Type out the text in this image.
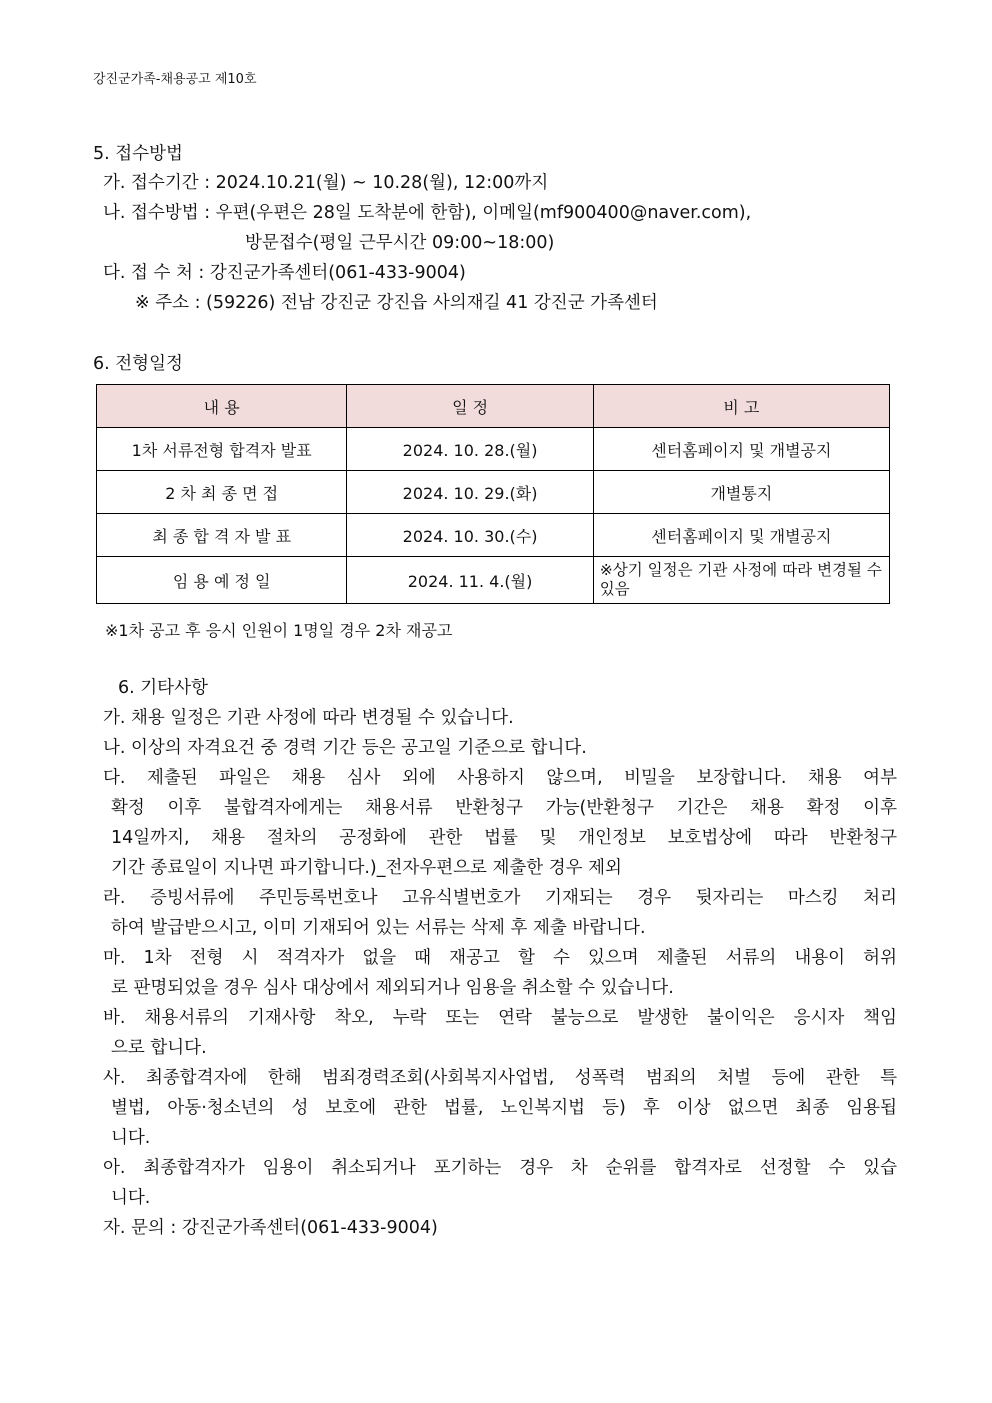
강진군가족-채용공고 제10호
5. 접수방법
가. 접수기간 : 2024.10.21(월) ~ 10.28(월), 12:00까지
나. 접수방법 : 우편(우편은 28일 도착분에 한함), 이메일(mf900400@naver.com),
방문접수(평일 근무시간 09:00~18:00)
다. 접 수 처 : 강진군가족센터(061-433-9004)
※ 주소 : (59226) 전남 강진군 강진읍 사의재길 41 강진군 가족센터
6. 전형일정
내 용	일 정	비 고
1차 서류전형 합격자 발표	2024. 10. 28.(월)	센터홈페이지 및 개별공지
2 차 최 종 면 접	2024. 10. 29.(화)	개별통지
최 종 합 격 자 발 표	2024. 10. 30.(수)	센터홈페이지 및 개별공지
임 용 예 정 일	2024. 11. 4.(월)	※상기 일정은 기관 사정에 따라 변경될 수 있음
※1차 공고 후 응시 인원이 1명일 경우 2차 재공고
6. 기타사항
가. 채용 일정은 기관 사정에 따라 변경될 수 있습니다.
나. 이상의 자격요건 중 경력 기간 등은 공고일 기준으로 합니다.
다. 제출된 파일은 채용 심사 외에 사용하지 않으며, 비밀을 보장합니다. 채용 여부
확정 이후 불합격자에게는 채용서류 반환청구 가능(반환청구 기간은 채용 확정 이후
14일까지, 채용 절차의 공정화에 관한 법률 및 개인정보 보호법상에 따라 반환청구
기간 종료일이 지나면 파기합니다.)_전자우편으로 제출한 경우 제외
라. 증빙서류에 주민등록번호나 고유식별번호가 기재되는 경우 뒷자리는 마스킹 처리
하여 발급받으시고, 이미 기재되어 있는 서류는 삭제 후 제출 바랍니다.
마. 1차 전형 시 적격자가 없을 때 재공고 할 수 있으며 제출된 서류의 내용이 허위
로 판명되었을 경우 심사 대상에서 제외되거나 임용을 취소할 수 있습니다.
바. 채용서류의 기재사항 착오, 누락 또는 연락 불능으로 발생한 불이익은 응시자 책임
으로 합니다.
사. 최종합격자에 한해 범죄경력조회(사회복지사업법, 성폭력 범죄의 처벌 등에 관한 특
별법, 아동·청소년의 성 보호에 관한 법률, 노인복지법 등) 후 이상 없으면 최종 임용됩
니다.
아. 최종합격자가 임용이 취소되거나 포기하는 경우 차 순위를 합격자로 선정할 수 있습
니다.
자. 문의 : 강진군가족센터(061-433-9004)
